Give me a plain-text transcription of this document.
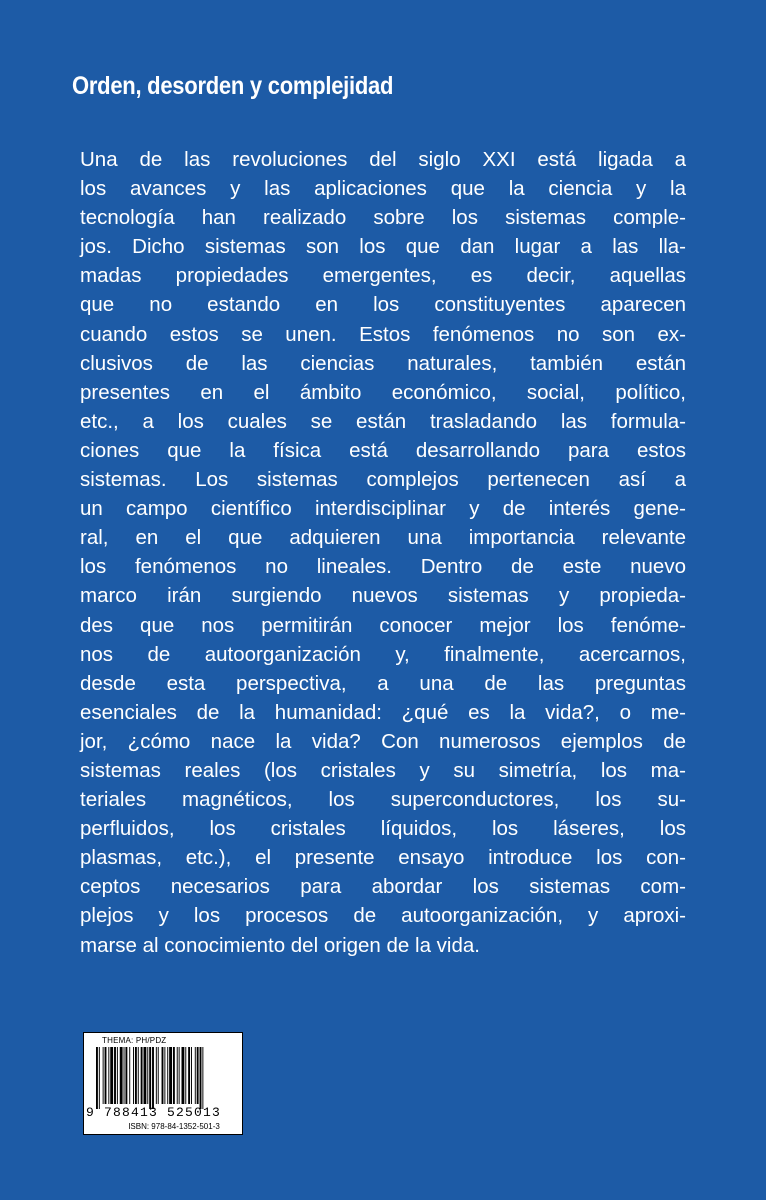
Orden, desorden y complejidad
Una de las revoluciones del siglo XXI está ligada a
los avances y las aplicaciones que la ciencia y la
tecnología han realizado sobre los sistemas comple-
jos. Dicho sistemas son los que dan lugar a las lla-
madas propiedades emergentes, es decir, aquellas
que no estando en los constituyentes aparecen
cuando estos se unen. Estos fenómenos no son ex-
clusivos de las ciencias naturales, también están
presentes en el ámbito económico, social, político,
etc., a los cuales se están trasladando las formula-
ciones que la física está desarrollando para estos
sistemas. Los sistemas complejos pertenecen así a
un campo científico interdisciplinar y de interés gene-
ral, en el que adquieren una importancia relevante
los fenómenos no lineales. Dentro de este nuevo
marco irán surgiendo nuevos sistemas y propieda-
des que nos permitirán conocer mejor los fenóme-
nos de autoorganización y, finalmente, acercarnos,
desde esta perspectiva, a una de las preguntas
esenciales de la humanidad: ¿qué es la vida?, o me-
jor, ¿cómo nace la vida? Con numerosos ejemplos de
sistemas reales (los cristales y su simetría, los ma-
teriales magnéticos, los superconductores, los su-
perfluidos, los cristales líquidos, los láseres, los
plasmas, etc.), el presente ensayo introduce los con-
ceptos necesarios para abordar los sistemas com-
plejos y los procesos de autoorganización, y aproxi-
marse al conocimiento del origen de la vida.
THEMA: PH/PDZ
9 788413 525013
ISBN: 978-84-1352-501-3
